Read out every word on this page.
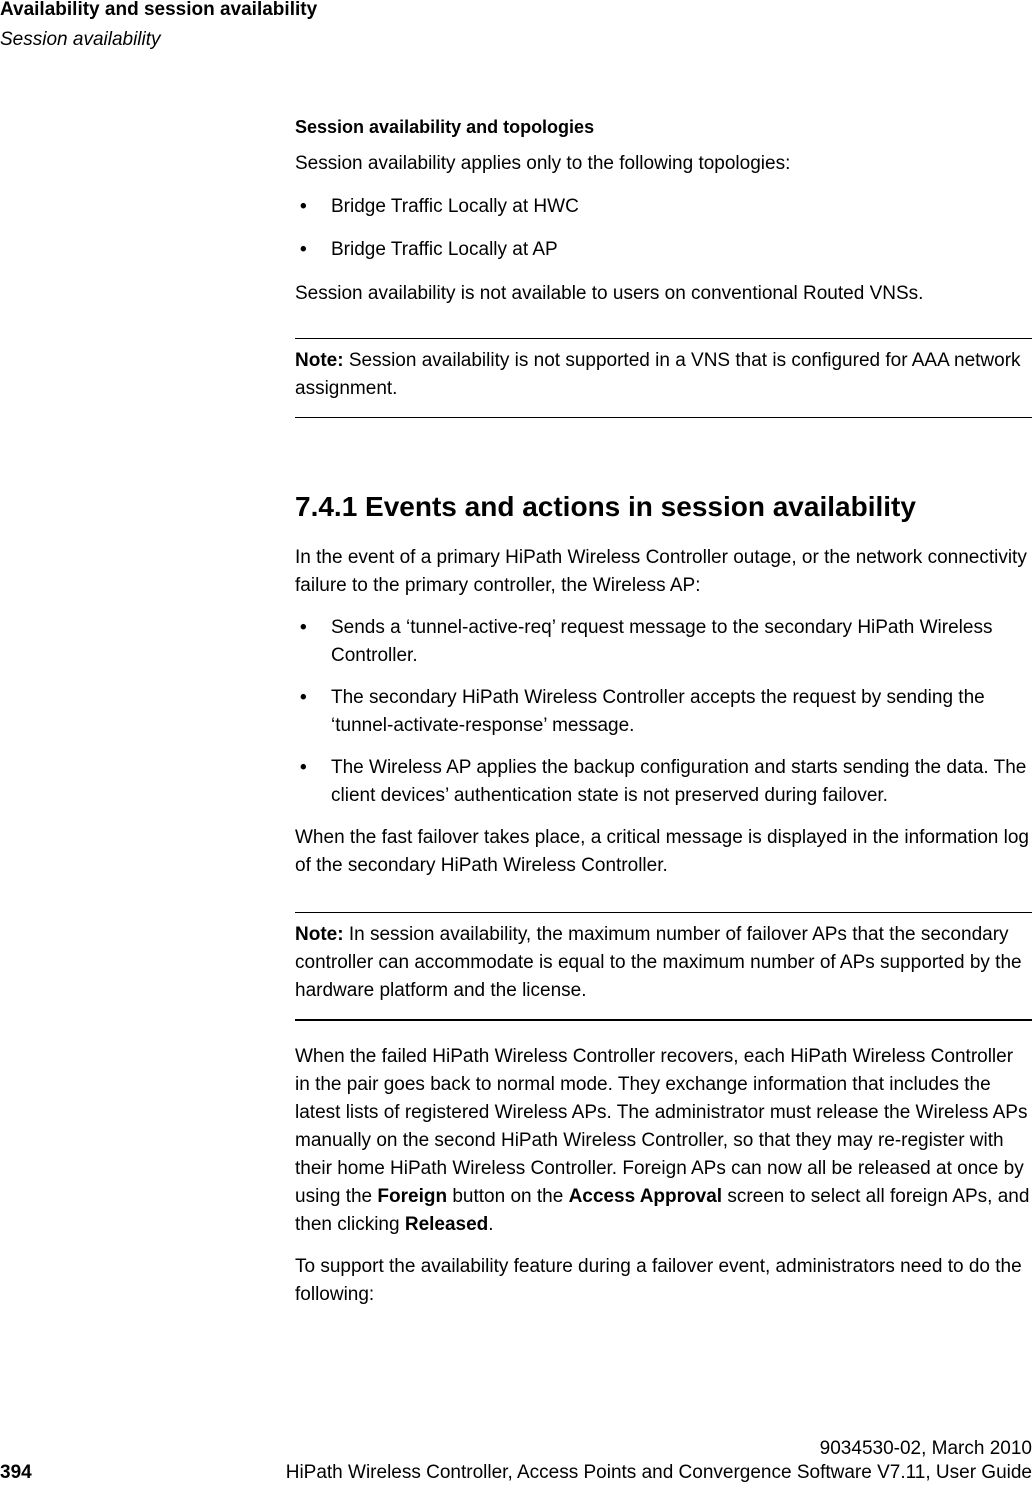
Availability and session availability
Session availability

Session availability and topologies

Session availability applies only to the following topologies:

• Bridge Traffic Locally at HWC
• Bridge Traffic Locally at AP

Session availability is not available to users on conventional Routed VNSs.

Note: Session availability is not supported in a VNS that is configured for AAA network assignment.

7.4.1 Events and actions in session availability

In the event of a primary HiPath Wireless Controller outage, or the network connectivity failure to the primary controller, the Wireless AP:

• Sends a ‘tunnel-active-req’ request message to the secondary HiPath Wireless Controller.
• The secondary HiPath Wireless Controller accepts the request by sending the ‘tunnel-activate-response’ message.
• The Wireless AP applies the backup configuration and starts sending the data. The client devices’ authentication state is not preserved during failover.

When the fast failover takes place, a critical message is displayed in the information log of the secondary HiPath Wireless Controller.

Note: In session availability, the maximum number of failover APs that the secondary controller can accommodate is equal to the maximum number of APs supported by the hardware platform and the license.

When the failed HiPath Wireless Controller recovers, each HiPath Wireless Controller in the pair goes back to normal mode. They exchange information that includes the latest lists of registered Wireless APs. The administrator must release the Wireless APs manually on the second HiPath Wireless Controller, so that they may re-register with their home HiPath Wireless Controller. Foreign APs can now all be released at once by using the Foreign button on the Access Approval screen to select all foreign APs, and then clicking Released.

To support the availability feature during a failover event, administrators need to do the following:

9034530-02, March 2010
394	HiPath Wireless Controller, Access Points and Convergence Software V7.11, User Guide
